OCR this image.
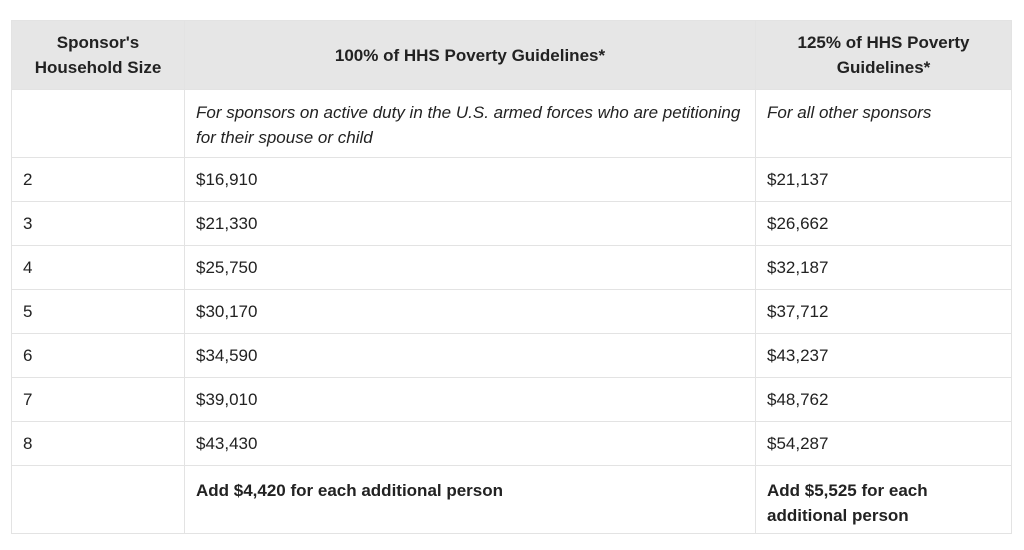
Sponsor's Household Size	100% of HHS Poverty Guidelines*	125% of HHS Poverty Guidelines*
	For sponsors on active duty in the U.S. armed forces who are petitioning for their spouse or child	For all other sponsors
2	$16,910	$21,137
3	$21,330	$26,662
4	$25,750	$32,187
5	$30,170	$37,712
6	$34,590	$43,237
7	$39,010	$48,762
8	$43,430	$54,287
	Add $4,420 for each additional person	Add $5,525 for each additional person
